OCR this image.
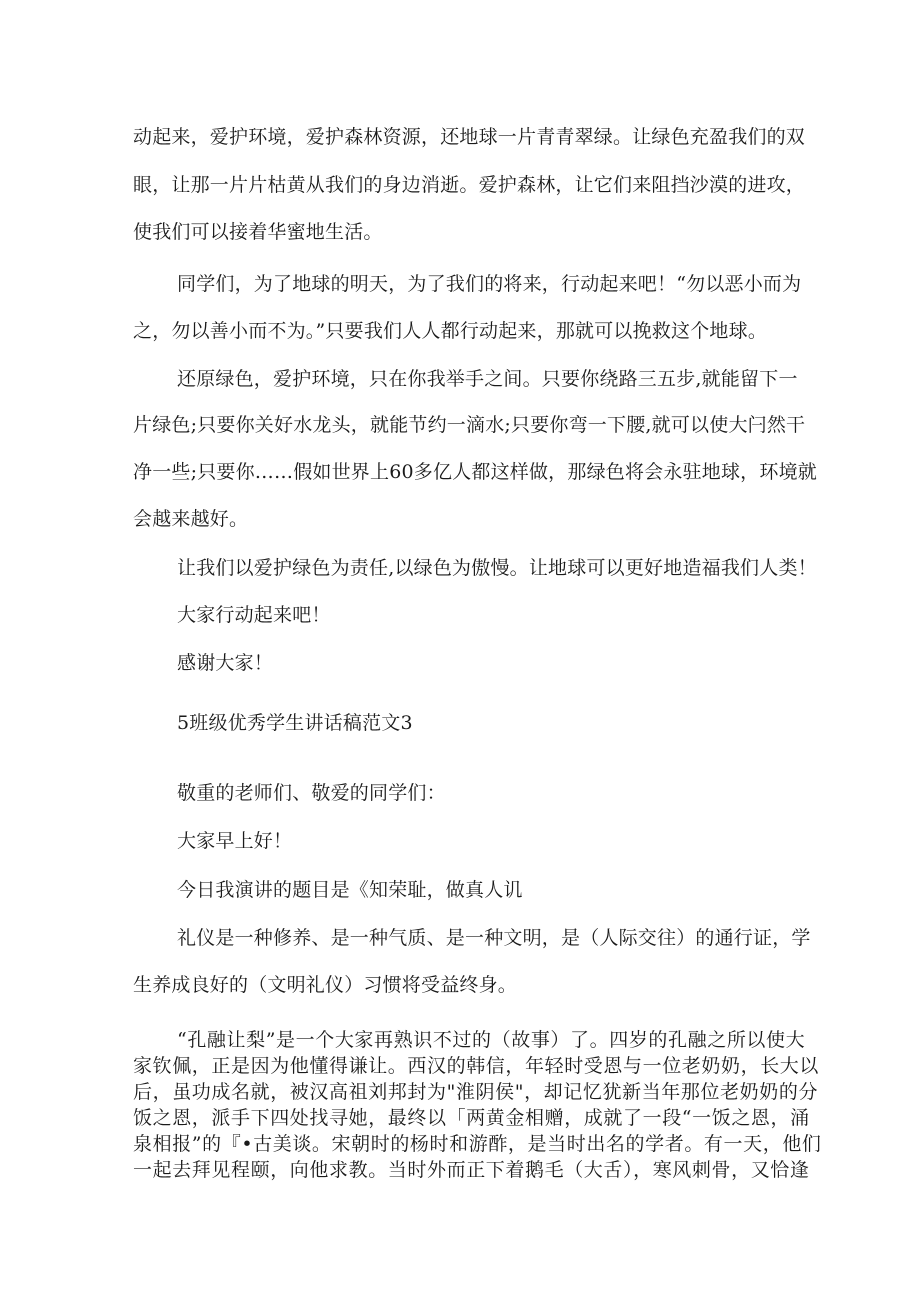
动起来，爱护环境，爱护森林资源，还地球一片青青翠绿。让绿色充盈我们的双
眼，让那一片片枯黄从我们的身边消逝。爱护森林，让它们来阻挡沙漠的进攻，
使我们可以接着华蜜地生活。
同学们，为了地球的明天，为了我们的将来，行动起来吧！“勿以恶小而为
之，勿以善小而不为。”只要我们人人都行动起来，那就可以挽救这个地球。
还原绿色，爱护环境，只在你我举手之间。只要你绕路三五步,就能留下一
片绿色;只要你关好水龙头，就能节约一滴水;只要你弯一下腰,就可以使大闩然干
净一些;只要你……假如世界上60多亿人都这样做，那绿色将会永驻地球，环境就
会越来越好。
让我们以爱护绿色为责任,以绿色为傲慢。让地球可以更好地造福我们人类！
大家行动起来吧！
感谢大家！
5班级优秀学生讲话稿范文3
敬重的老师们、敬爱的同学们：
大家早上好！
今日我演讲的题目是《知荣耻，做真人讥
礼仪是一种修养、是一种气质、是一种文明，是（人际交往）的通行证，学
生养成良好的（文明礼仪）习惯将受益终身。
“孔融让梨”是一个大家再熟识不过的（故事）了。四岁的孔融之所以使大
家钦佩，正是因为他懂得谦让。西汉的韩信，年轻时受恩与一位老奶奶，长大以
后，虽功成名就，被汉高祖刘邦封为"淮阴侯"，却记忆犹新当年那位老奶奶的分
饭之恩，派手下四处找寻她，最终以「两黄金相赠，成就了一段“一饭之恩，涌
泉相报”的『•古美谈。宋朝时的杨时和游酢，是当时出名的学者。有一天，他们
一起去拜见程颐，向他求教。当时外而正下着鹅毛（大舌），寒风刺骨，又恰逢
